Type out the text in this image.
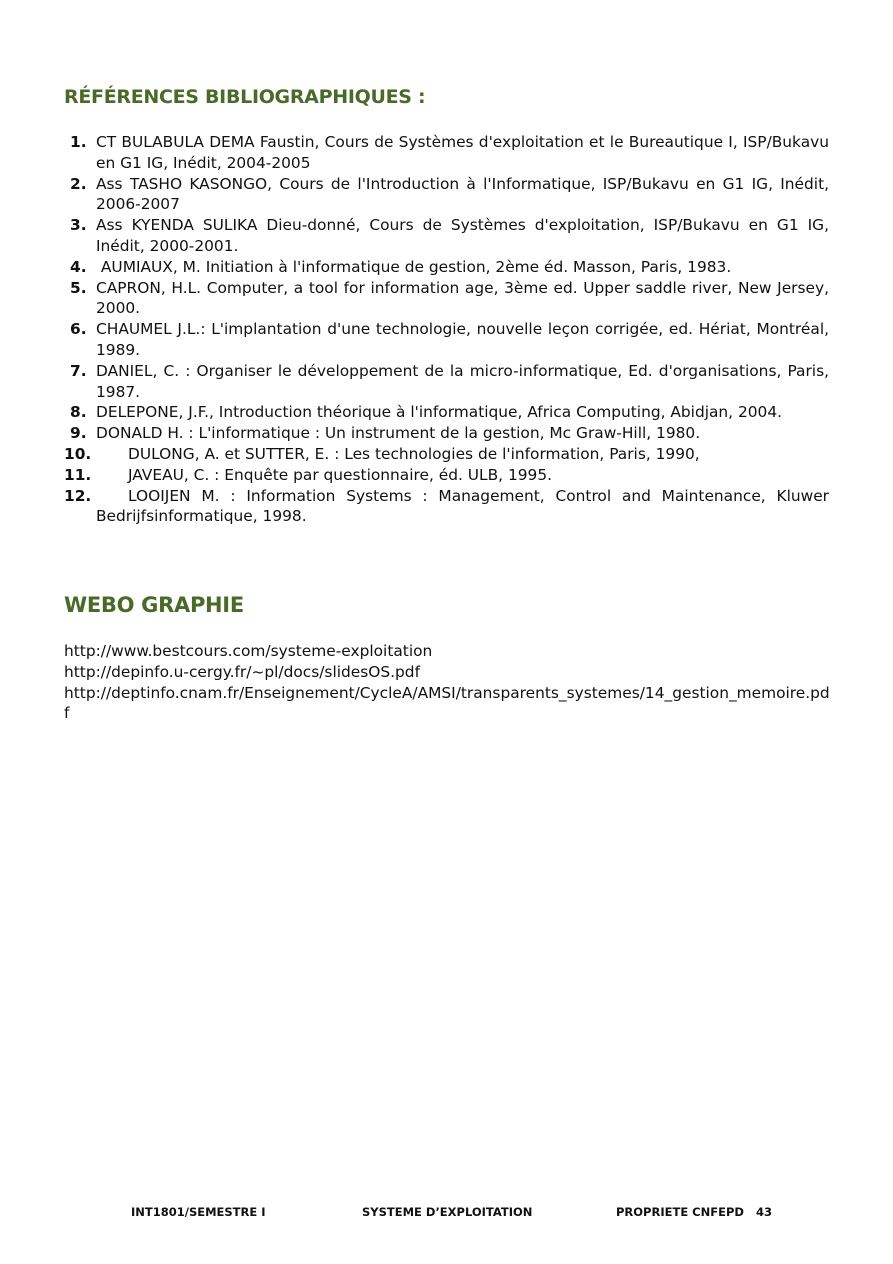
RÉFÉRENCES BIBLIOGRAPHIQUES :
1. CT BULABULA DEMA Faustin, Cours de Systèmes d'exploitation et le Bureautique I, ISP/Bukavu en G1 IG, Inédit, 2004-2005
2. Ass TASHO KASONGO, Cours de l'Introduction à l'Informatique, ISP/Bukavu en G1 IG, Inédit, 2006-2007
3. Ass KYENDA SULIKA Dieu-donné, Cours de Systèmes d'exploitation, ISP/Bukavu en G1 IG, Inédit, 2000-2001.
4. AUMIAUX, M. Initiation à l'informatique de gestion, 2ème éd. Masson, Paris, 1983.
5. CAPRON, H.L. Computer, a tool for information age, 3ème ed. Upper saddle river, New Jersey, 2000.
6. CHAUMEL J.L.: L'implantation d'une technologie, nouvelle leçon corrigée, ed. Hériat, Montréal, 1989.
7. DANIEL, C. : Organiser le développement de la micro-informatique, Ed. d'organisations, Paris, 1987.
8. DELEPONE, J.F., Introduction théorique à l'informatique, Africa Computing, Abidjan, 2004.
9. DONALD H. : L'informatique : Un instrument de la gestion, Mc Graw-Hill, 1980.
10. DULONG, A. et SUTTER, E. : Les technologies de l'information, Paris, 1990,
11. JAVEAU, C. : Enquête par questionnaire, éd. ULB, 1995.
12. LOOIJEN M. : Information Systems : Management, Control and Maintenance, Kluwer Bedrijfsinformatique, 1998.
WEBO GRAPHIE
http://www.bestcours.com/systeme-exploitation
http://depinfo.u-cergy.fr/~pl/docs/slidesOS.pdf
http://deptinfo.cnam.fr/Enseignement/CycleA/AMSI/transparents_systemes/14_gestion_memoire.pdf
INT1801/SEMESTRE I	SYSTEME D’EXPLOITATION	PROPRIETE CNFEPD 43
